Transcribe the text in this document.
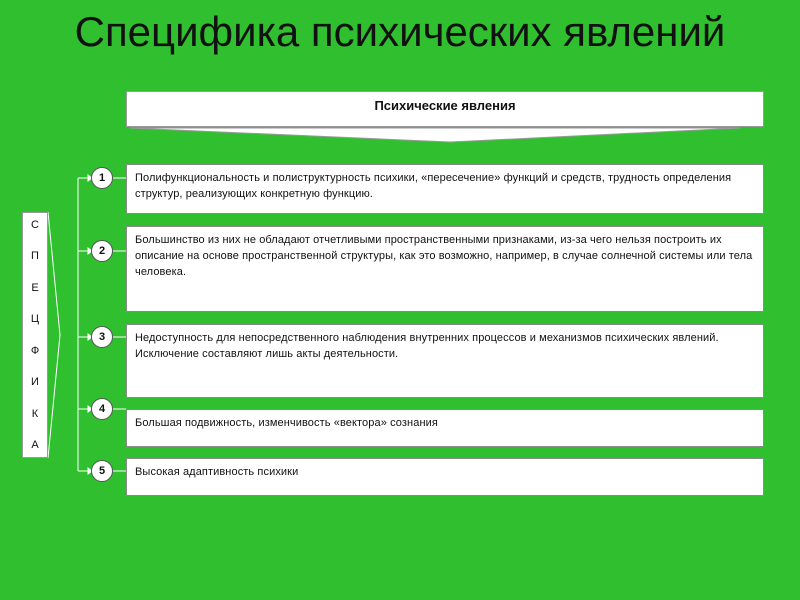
Специфика психических явлений
Психические явления
С
П
Е
Ц
Ф
И
К
А
1
2
3
4
5
Полифункциональность и полиструктурность психики, «пересечение» функций и средств, трудность определения структур, реализующих конкретную функцию.
Большинство из них не обладают отчетливыми пространственными признаками, из-за чего нельзя построить их описание на основе пространственной структуры, как это возможно, например, в случае солнечной системы или тела человека.
Недоступность для непосредственного наблюдения внутренних процессов и механизмов психических явлений. Исключение составляют лишь акты деятельности.
Большая подвижность, изменчивость «вектора» сознания
Высокая адаптивность психики
